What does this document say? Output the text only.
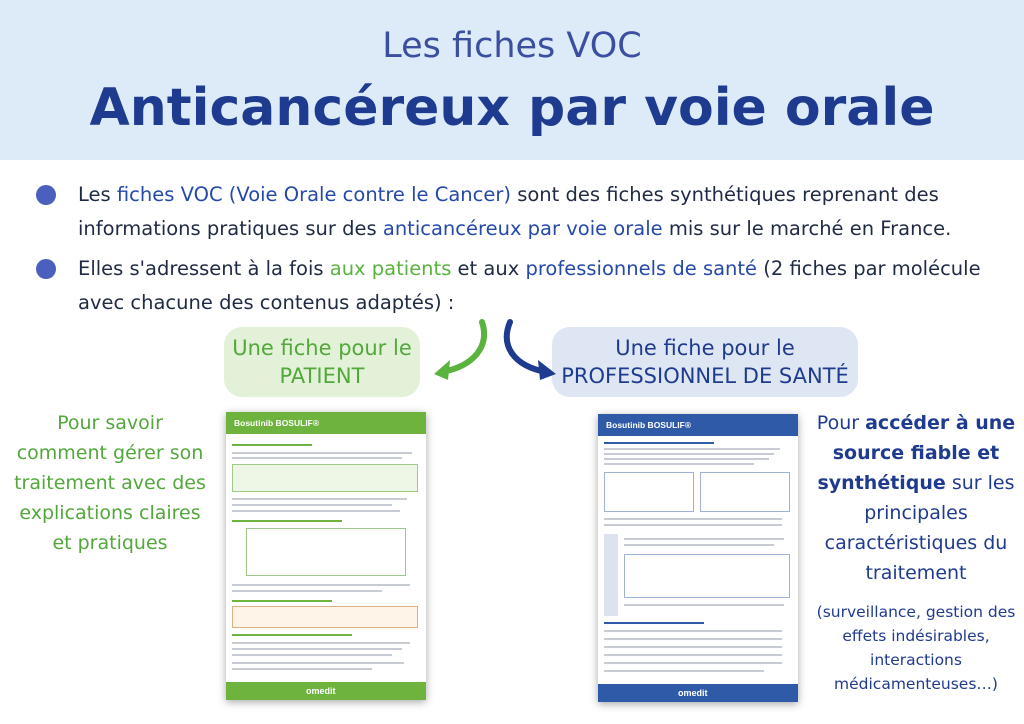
Les fiches VOC
Anticancéreux par voie orale
Les fiches VOC (Voie Orale contre le Cancer) sont des fiches synthétiques reprenant des informations pratiques sur des anticancéreux par voie orale mis sur le marché en France.
Elles s'adressent à la fois aux patients et aux professionnels de santé (2 fiches par molécule avec chacune des contenus adaptés) :
Une fiche pour le
PATIENT
Une fiche pour le
PROFESSIONNEL DE SANTÉ
Pour savoir comment gérer son traitement avec des explications claires et pratiques
Pour accéder à une source fiable et synthétique sur les principales caractéristiques du traitement
(surveillance, gestion des effets indésirables, interactions médicamenteuses…)
Bosutinib BOSULIF®
omedit
Bosutinib BOSULIF®
omedit
